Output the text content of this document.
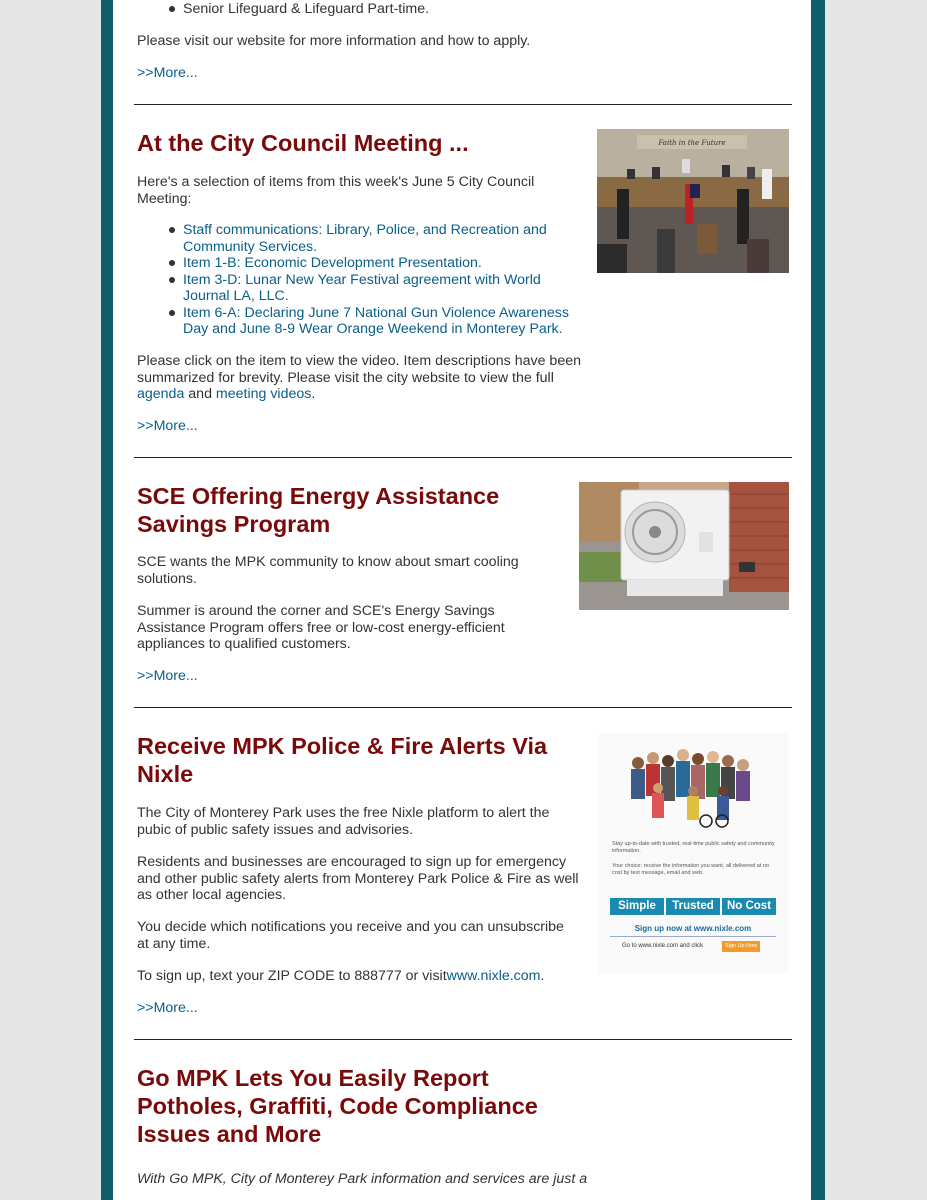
Senior Lifeguard & Lifeguard Part-time.
Please visit our website for more information and how to apply.
>>More...
At the City Council Meeting ...
Here's a selection of items from this week's June 5 City Council Meeting:
Staff communications: Library, Police, and Recreation and
Community Services.
Item 1-B: Economic Development Presentation.
Item 3-D: Lunar New Year Festival agreement with World
Journal LA, LLC.
Item 6-A: Declaring June 7 National Gun Violence Awareness
Day and June 8-9 Wear Orange Weekend in Monterey Park.
Please click on the item to view the video. Item descriptions have been
summarized for brevity. Please visit the city website to view the full
agenda and meeting videos.
>>More...
Faith in the Future
SCE Offering Energy Assistance
Savings Program
SCE wants the MPK community to know about smart cooling
solutions.
Summer is around the corner and SCE's Energy Savings
Assistance Program offers free or low-cost energy-efficient
appliances to qualified customers.
>>More...
Receive MPK Police & Fire Alerts Via
Nixle
The City of Monterey Park uses the free Nixle platform to alert the
pubic of public safety issues and advisories.
Residents and businesses are encouraged to sign up for emergency
and other public safety alerts from Monterey Park Police & Fire as well
as other local agencies.
You decide which notifications you receive and you can unsubscribe
at any time.
To sign up, text your ZIP CODE to 888777 or visitwww.nixle.com.
>>More...
Stay up-to-date with trusted, real-time public safety and community information.
Your choice: receive the information you want, all delivered at no cost by text message, email and web.
Simple	Trusted	No Cost
Sign up now at www.nixle.com
Go to www.nixle.com and click	Sign Up Now
Go MPK Lets You Easily Report
Potholes, Graffiti, Code Compliance
Issues and More
With Go MPK, City of Monterey Park information and services are just a
